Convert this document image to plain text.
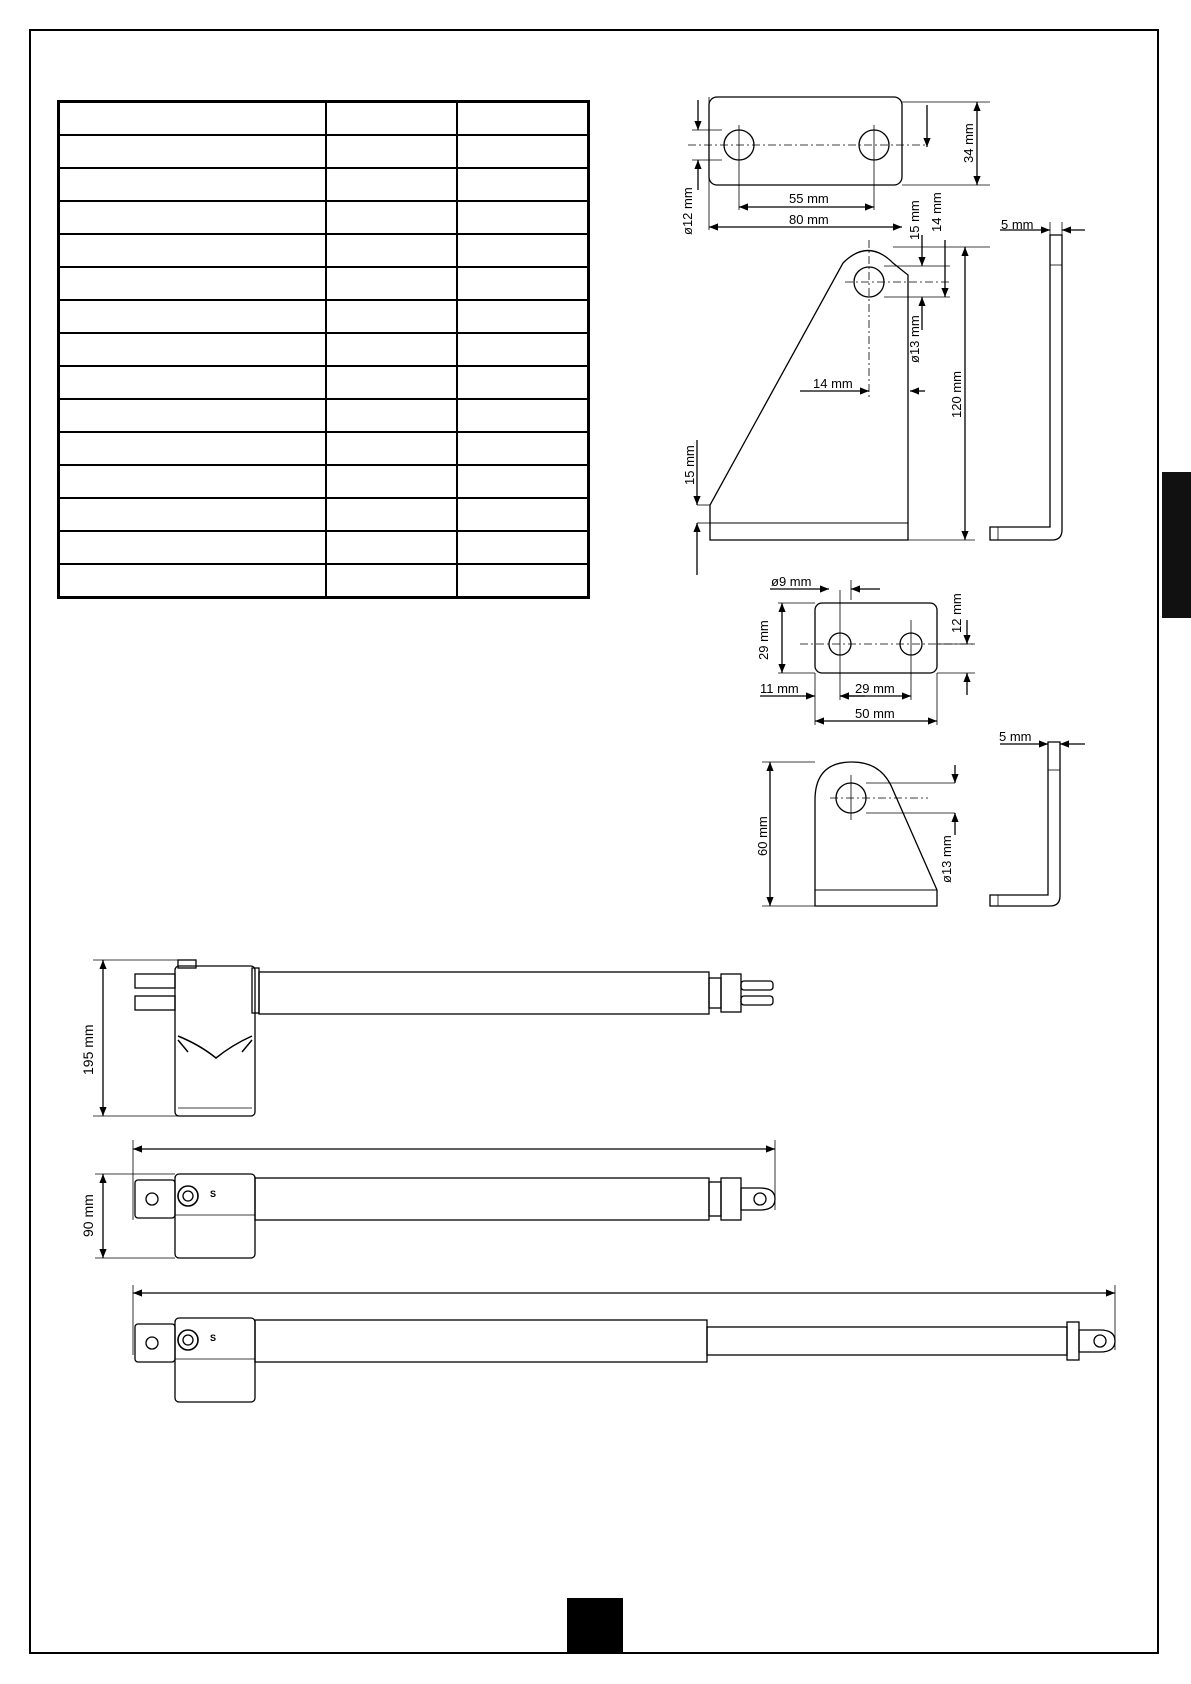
ø12 mm	55 mm
80 mm
34 mm
15 mm 14 mm	5 mm
ø13 mm
14 mm	120 mm
15 mm
ø9 mm
29 mm
12 mm
11 mm	29 mm
50 mm
5 mm
60 mm	ø13 mm
195 mm
90 mm
S
S
